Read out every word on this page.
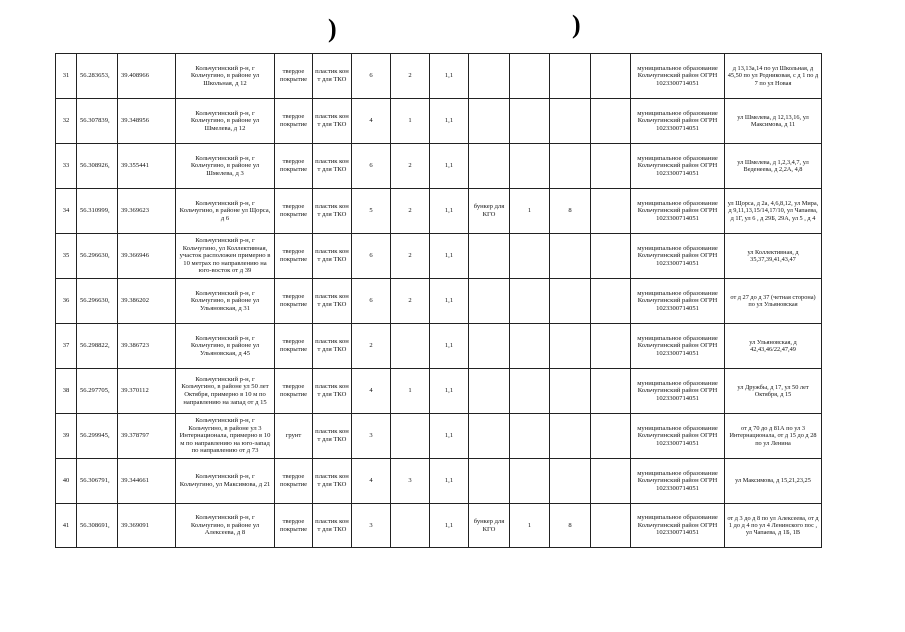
)	)
31	56.283653,	39.408966	Кольчугинский р-н, г Кольчугино, в районе ул Школьная, д 12	твердое покрытие	пластик кон т для ТКО	6	2	1,1					муниципальное образование Кольчугинский район ОГРН 1023300714051	д 13,13а,14 по ул Школьная, д 45,50 по ул Родниковая, с д 1 по д 7 по ул Новая
32	56.307839,	39.348956	Кольчугинский р-н, г Кольчугино, в районе ул Шмелева, д 12	твердое покрытие	пластик кон т для ТКО	4	1	1,1					муниципальное образование Кольчугинский район ОГРН 1023300714051	ул Шмелева, д 12,13,16, ул Максимова, д 11
33	56.308926,	39.355441	Кольчугинский р-н, г Кольчугино, в районе ул Шмелева, д 3	твердое покрытие	пластик кон т для ТКО	6	2	1,1					муниципальное образование Кольчугинский район ОГРН 1023300714051	ул Шмелева, д 1,2,3,4,7, ул Веденеева, д 2,2А, 4,8
34	56.310999,	39.369623	Кольчугинский р-н, г Кольчугино, в районе ул Щорса, д 6	твердое покрытие	пластик кон т для ТКО	5	2	1,1	бункер для КГО	1	8		муниципальное образование Кольчугинский район ОГРН 1023300714051	ул Щорса, д 2а, 4,6,8,12, ул Мира, д 9,11,13,15/14,17/10, ул Чапаева, д 1Г, ул 6 , д 29Б, 29А, ул 5 , д 4
35	56.296630,	39.366946	Кольчугинский р-н, г Кольчугино, ул Коллективная, участок расположен примерно в 10 метрах по направлению на юго-восток от д 39	твердое покрытие	пластик кон т для ТКО	6	2	1,1					муниципальное образование Кольчугинский район ОГРН 1023300714051	ул Коллективная, д 35,37,39,41,43,47
36	56.296630,	39.386202	Кольчугинский р-н, г Кольчугино, в районе ул Ульяновская, д 31	твердое покрытие	пластик кон т для ТКО	6	2	1,1					муниципальное образование Кольчугинский район ОГРН 1023300714051	от д 27 до д 37 (четная сторона) по ул Ульяновская
37	56.298822,	39.386723	Кольчугинский р-н, г Кольчугино, в районе ул Ульяновская, д 45	твердое покрытие	пластик кон т для ТКО	2		1,1					муниципальное образование Кольчугинский район ОГРН 1023300714051	ул Ульяновская, д 42,43,46/22,47,49
38	56.297705,	39.370112	Кольчугинский р-н, г Кольчугино, в районе ул 50 лет Октября, примерно в 10 м по направлению на запад от д 15	твердое покрытие	пластик кон т для ТКО	4	1	1,1					муниципальное образование Кольчугинский район ОГРН 1023300714051	ул Дружбы, д 17, ул 50 лет Октября, д 15
39	56.299945,	39.378797	Кольчугинский р-н, г Кольчугино, в районе ул 3 Интернационала, примерно в 10 м по направлению на юго-запад по направлению от д 73	грунт	пластик кон т для ТКО	3		1,1					муниципальное образование Кольчугинский район ОГРН 1023300714051	от д 70 до д 81А по ул 3 Интернационала, от д 15 до д 28 по ул Ленина
40	56.306791,	39.344661	Кольчугинский р-н, г Кольчугино, ул Максимова, д 21	твердое покрытие	пластик кон т для ТКО	4	3	1,1					муниципальное образование Кольчугинский район ОГРН 1023300714051	ул Максимова, д 15,21,23,25
41	56.308691,	39.369091	Кольчугинский р-н, г Кольчугино, в районе ул Алексеева, д 8	твердое покрытие	пластик кон т для ТКО	3		1,1	бункер для КГО	1	8		муниципальное образование Кольчугинский район ОГРН 1023300714051	от д 3 до д 8 по ул Алексеева, от д 1 до д 4 по ул 4 Ленинского пос , ул Чапаева, д 1Б, 1В
